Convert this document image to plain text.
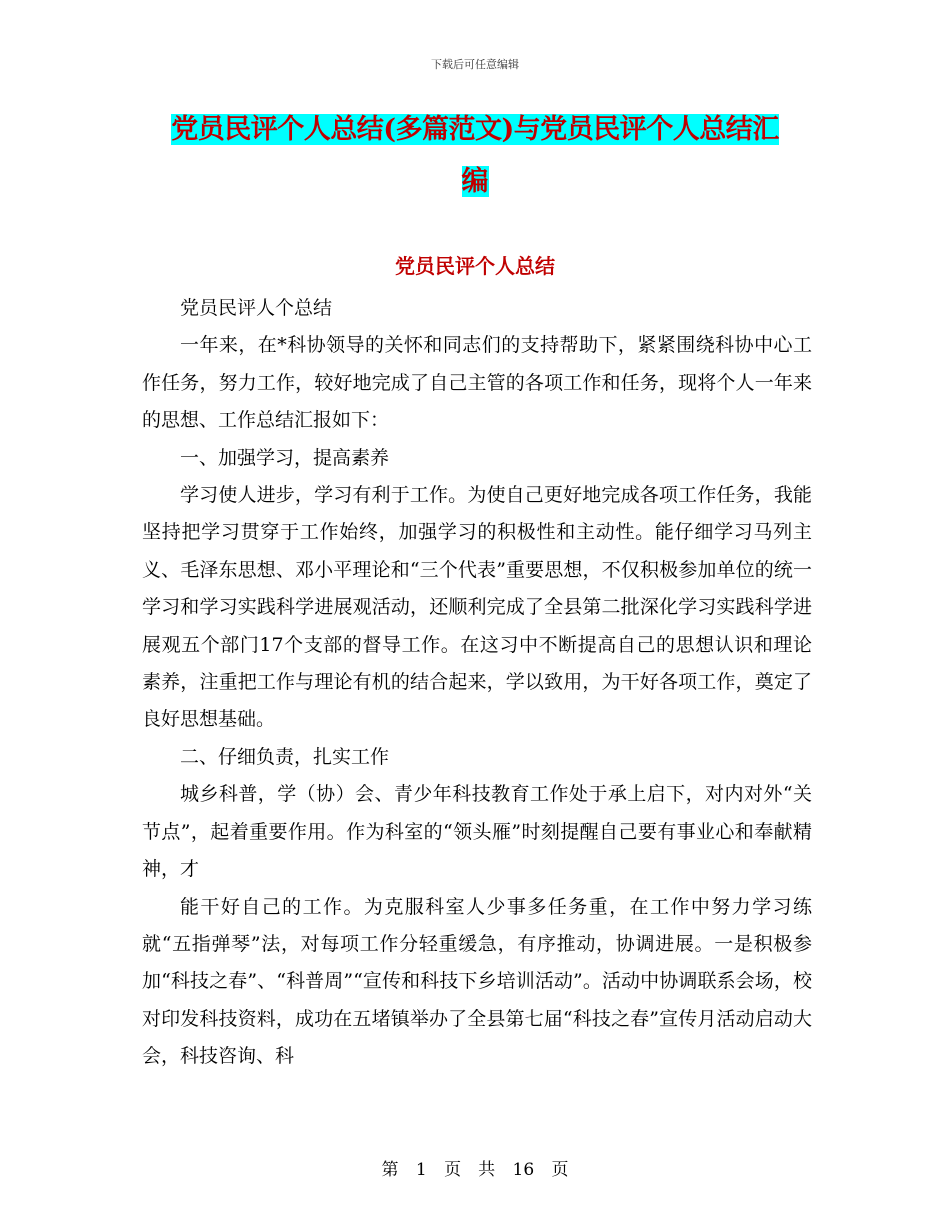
下载后可任意编辑
党员民评个人总结(多篇范文)与党员民评个人总结汇

编
党员民评个人总结

党员民评人个总结

一年来，在*科协领导的关怀和同志们的支持帮助下，紧紧围绕科协中心工作任务，努力工作，较好地完成了自己主管的各项工作和任务，现将个人一年来的思想、工作总结汇报如下：

一、加强学习，提高素养

学习使人进步，学习有利于工作。为使自己更好地完成各项工作任务，我能坚持把学习贯穿于工作始终，加强学习的积极性和主动性。能仔细学习马列主义、毛泽东思想、邓小平理论和“三个代表”重要思想，不仅积极参加单位的统一学习和学习实践科学进展观活动，还顺利完成了全县第二批深化学习实践科学进展观五个部门17个支部的督导工作。在这习中不断提高自己的思想认识和理论素养，注重把工作与理论有机的结合起来，学以致用，为干好各项工作，奠定了良好思想基础。

二、仔细负责，扎实工作

城乡科普，学（协）会、青少年科技教育工作处于承上启下，对内对外“关节点”，起着重要作用。作为科室的“领头雁”时刻提醒自己要有事业心和奉献精神，才

能干好自己的工作。为克服科室人少事多任务重，在工作中努力学习练就“五指弹琴”法，对每项工作分轻重缓急，有序推动，协调进展。一是积极参加“科技之春”、“科普周”“宣传和科技下乡培训活动”。活动中协调联系会场，校对印发科技资料，成功在五堵镇举办了全县第七届“科技之春”宣传月活动启动大会，科技咨询、科

第 1 页　共 16 页
